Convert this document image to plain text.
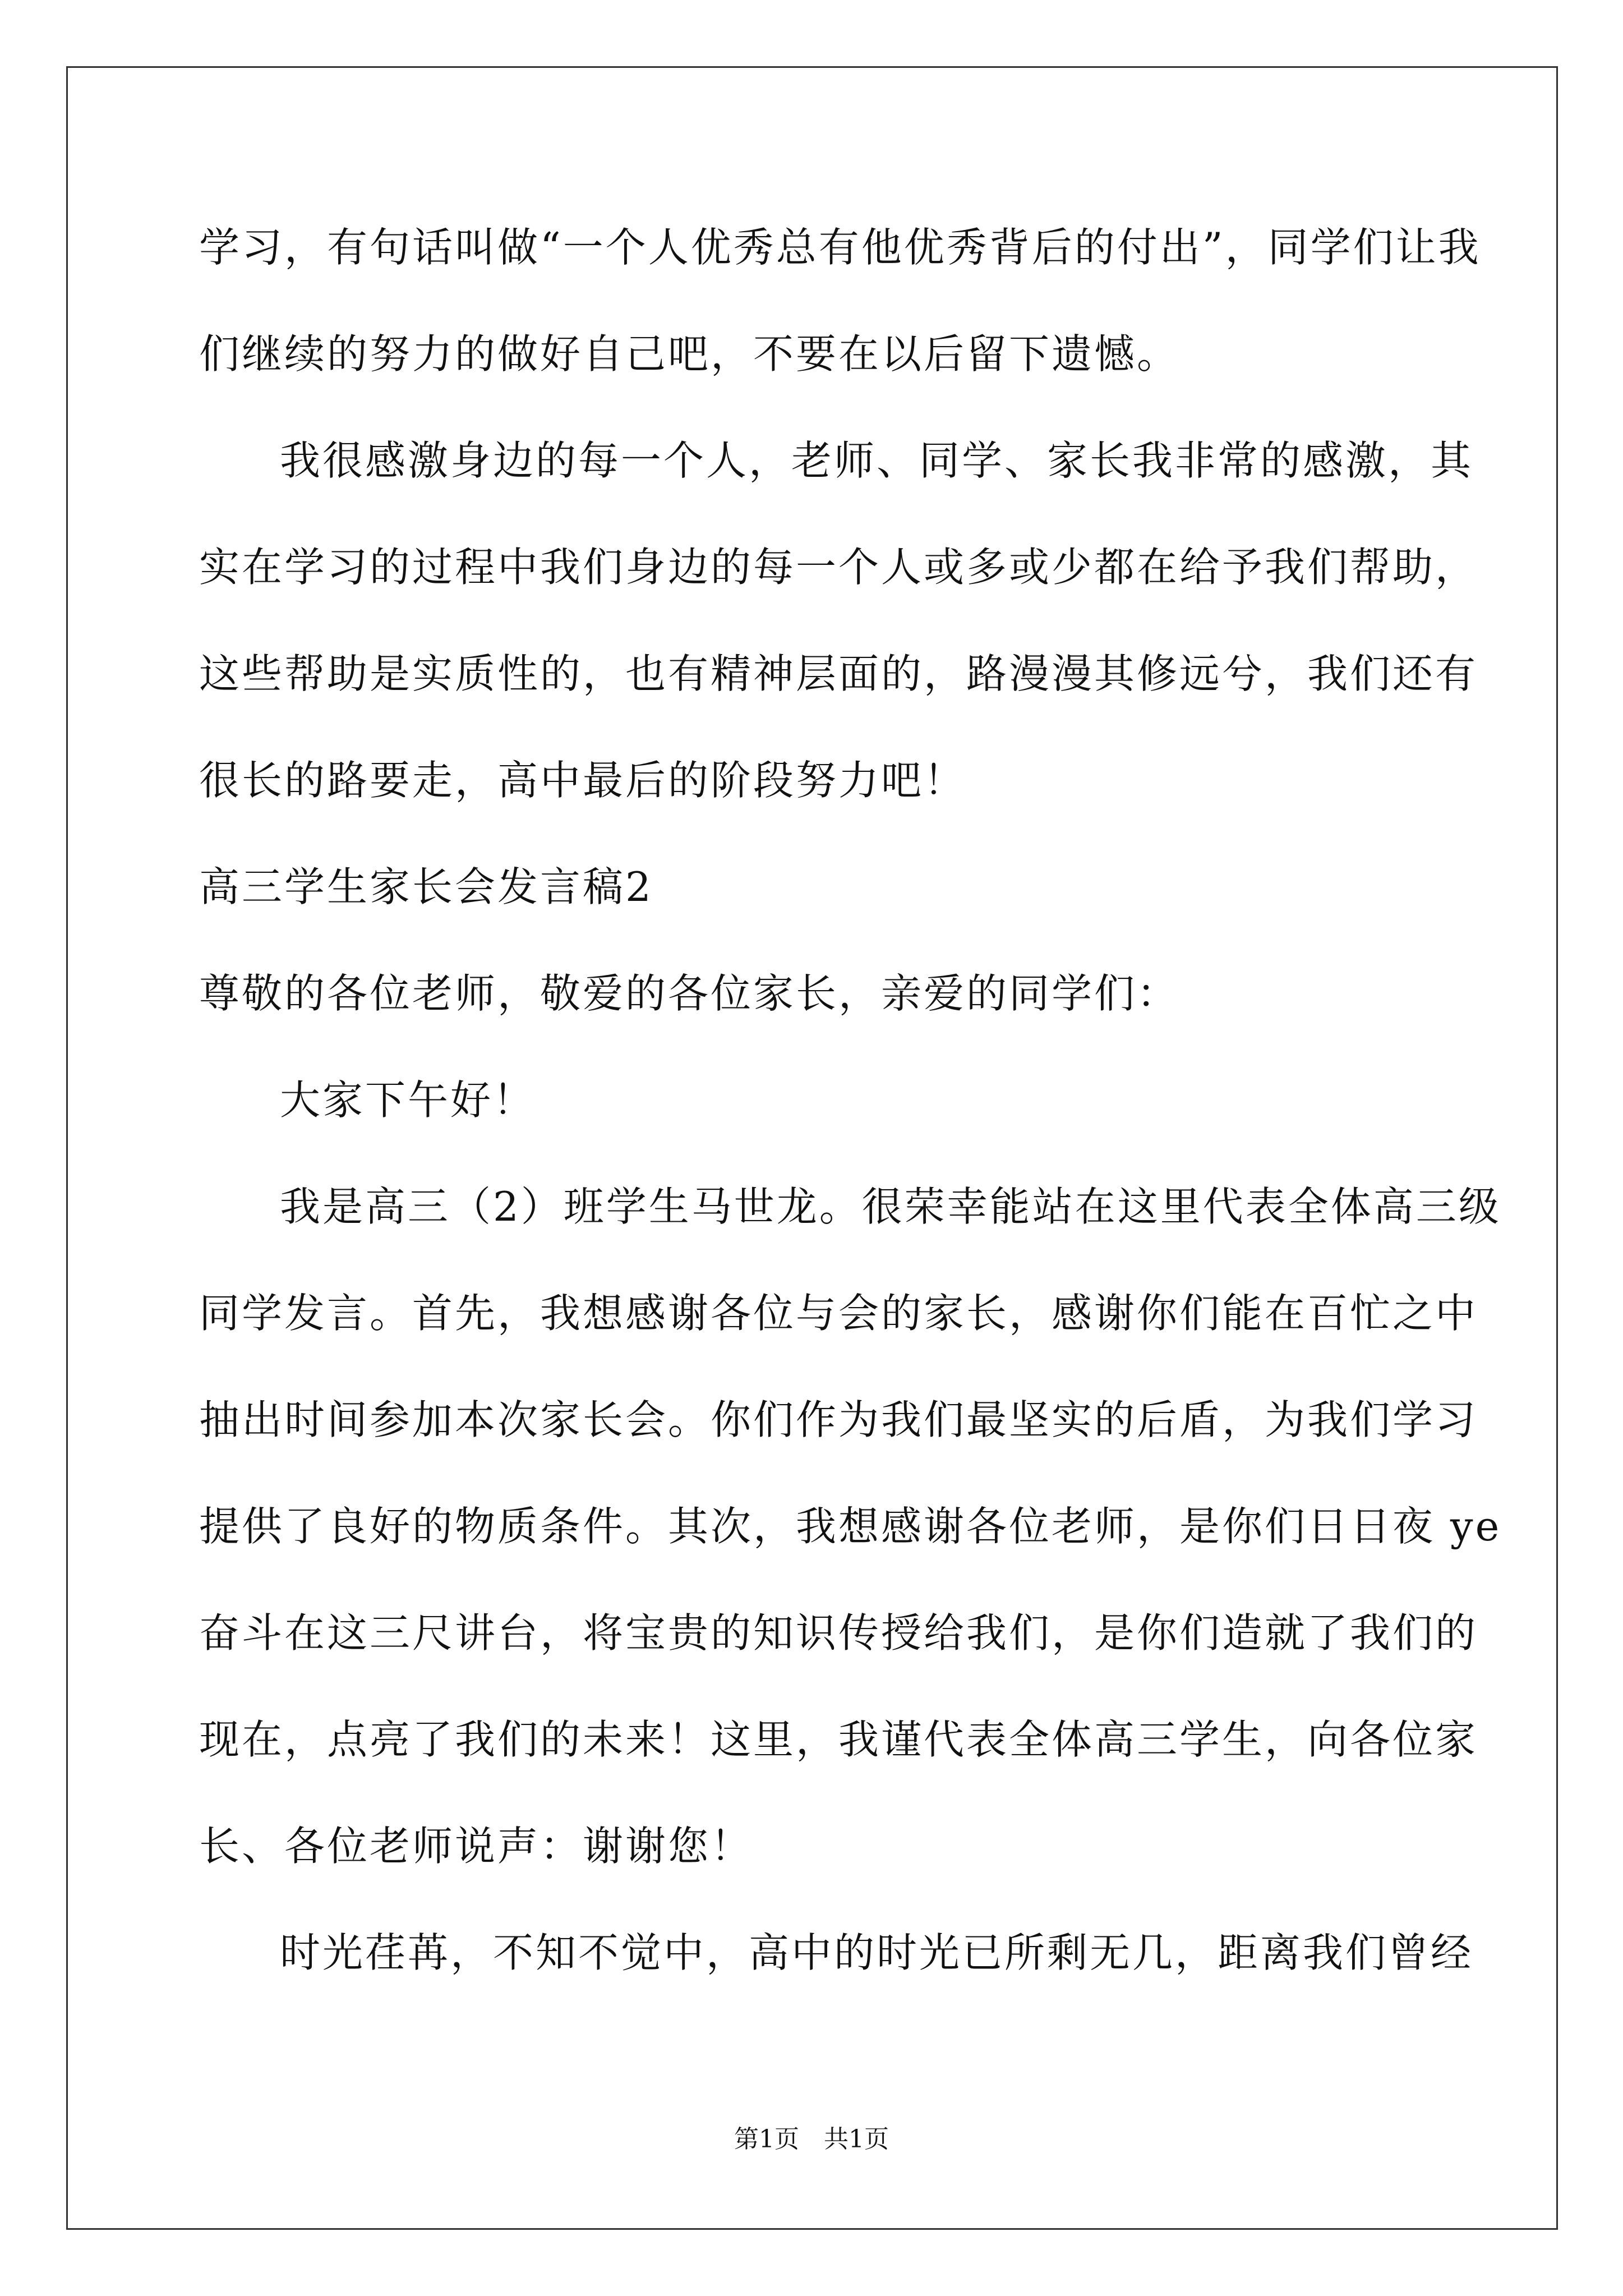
学习，有句话叫做“一个人优秀总有他优秀背后的付出”，同学们让我
们继续的努力的做好自己吧，不要在以后留下遗憾。
我很感激身边的每一个人，老师、同学、家长我非常的感激，其
实在学习的过程中我们身边的每一个人或多或少都在给予我们帮助，
这些帮助是实质性的，也有精神层面的，路漫漫其修远兮，我们还有
很长的路要走，高中最后的阶段努力吧！
高三学生家长会发言稿2
尊敬的各位老师，敬爱的各位家长，亲爱的同学们：
大家下午好！
我是高三（2）班学生马世龙。很荣幸能站在这里代表全体高三级
同学发言。首先，我想感谢各位与会的家长，感谢你们能在百忙之中
抽出时间参加本次家长会。你们作为我们最坚实的后盾，为我们学习
提供了良好的物质条件。其次，我想感谢各位老师，是你们日日夜 ye
奋斗在这三尺讲台，将宝贵的知识传授给我们，是你们造就了我们的
现在，点亮了我们的未来！这里，我谨代表全体高三学生，向各位家
长、各位老师说声：谢谢您！
时光荏苒，不知不觉中，高中的时光已所剩无几，距离我们曾经
第1页 共1页
